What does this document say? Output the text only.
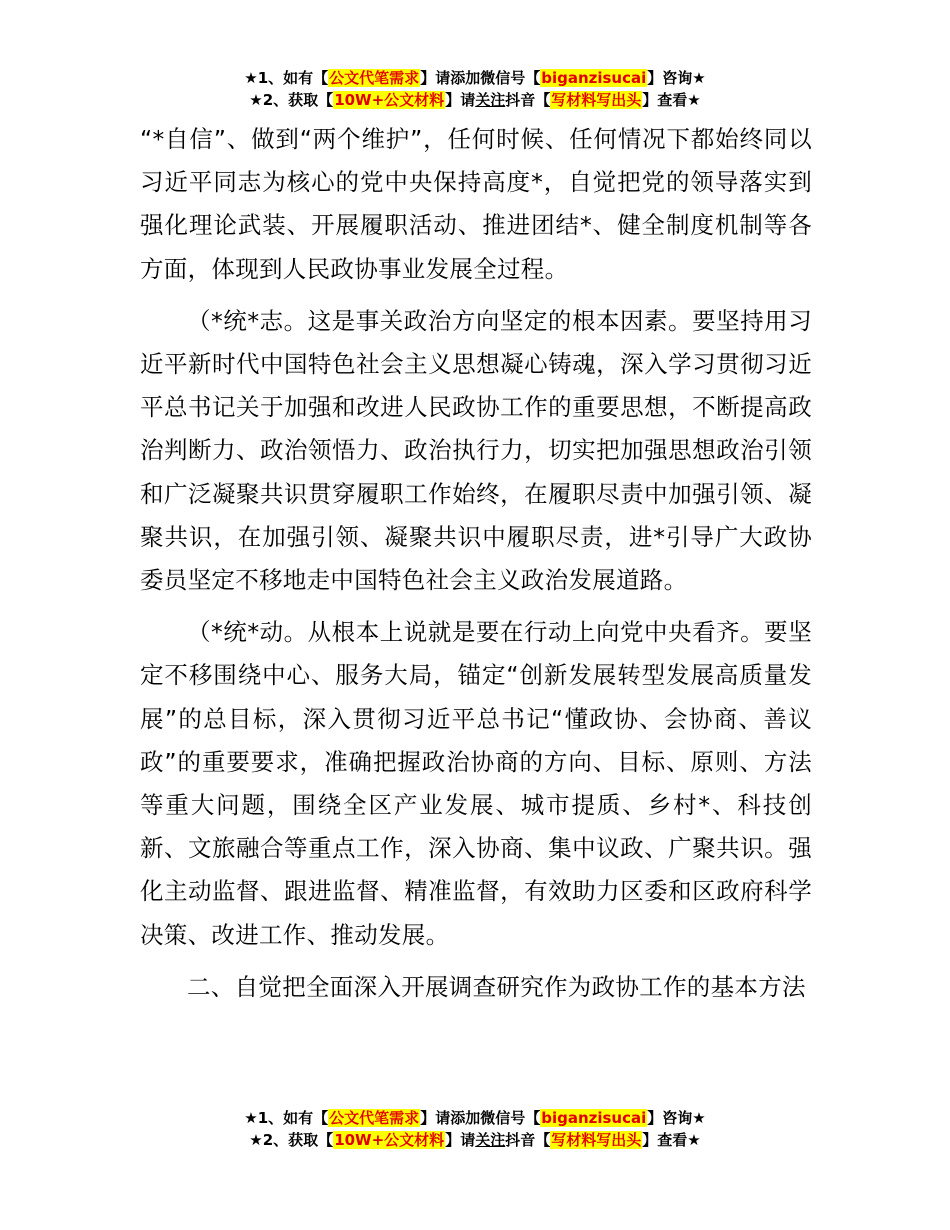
★1、如有【公文代笔需求】请添加微信号【biganzisucai】咨询★
★2、获取【10W+公文材料】请关注抖音【写材料写出头】查看★

“*自信”、做到“两个维护”，任何时候、任何情况下都始终同以习近平同志为核心的党中央保持高度*，自觉把党的领导落实到强化理论武装、开展履职活动、推进团结*、健全制度机制等各方面，体现到人民政协事业发展全过程。

（*统*志。这是事关政治方向坚定的根本因素。要坚持用习近平新时代中国特色社会主义思想凝心铸魂，深入学习贯彻习近平总书记关于加强和改进人民政协工作的重要思想，不断提高政治判断力、政治领悟力、政治执行力，切实把加强思想政治引领和广泛凝聚共识贯穿履职工作始终，在履职尽责中加强引领、凝聚共识，在加强引领、凝聚共识中履职尽责，进*引导广大政协委员坚定不移地走中国特色社会主义政治发展道路。

（*统*动。从根本上说就是要在行动上向党中央看齐。要坚定不移围绕中心、服务大局，锚定“创新发展转型发展高质量发展”的总目标，深入贯彻习近平总书记“懂政协、会协商、善议政”的重要要求，准确把握政治协商的方向、目标、原则、方法等重大问题，围绕全区产业发展、城市提质、乡村*、科技创新、文旅融合等重点工作，深入协商、集中议政、广聚共识。强化主动监督、跟进监督、精准监督，有效助力区委和区政府科学决策、改进工作、推动发展。

二、自觉把全面深入开展调查研究作为政协工作的基本方法

★1、如有【公文代笔需求】请添加微信号【biganzisucai】咨询★
★2、获取【10W+公文材料】请关注抖音【写材料写出头】查看★
